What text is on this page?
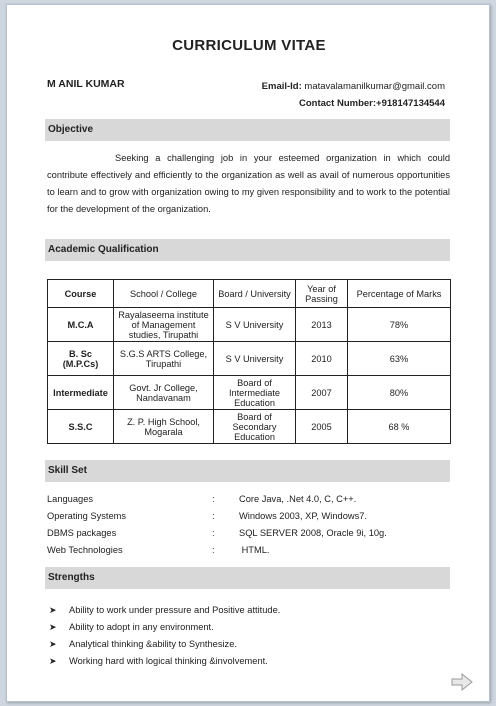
CURRICULUM VITAE
M ANIL KUMAR	Email-Id: matavalamanilkumar@gmail.com
Contact Number:+918147134544
Objective

Seeking a challenging job in your esteemed organization in which could contribute effectively and efficiently to the organization as well as avail of numerous opportunities to learn and to grow with organization owing to my given responsibility and to work to the potential for the development of the organization.

Academic Qualification
Course	School / College	Board / University	Year of Passing	Percentage of Marks
M.C.A	Rayalaseema institute of Management studies, Tirupathi	S V University	2013	78%
B. Sc (M.P.Cs)	S.G.S ARTS College, Tirupathi	S V University	2010	63%
Intermediate	Govt. Jr College, Nandavanam	Board of Intermediate Education	2007	80%
S.S.C	Z. P. High School, Mogarala	Board of Secondary Education	2005	68 %
Skill Set
Languages	:	Core Java, .Net 4.0, C, C++.
Operating Systems	:	Windows 2003, XP, Windows7.
DBMS packages	:	SQL SERVER 2008, Oracle 9i, 10g.
Web Technologies	:	HTML.
Strengths
➤ Ability to work under pressure and Positive attitude.
➤ Ability to adopt in any environment.
➤ Analytical thinking &ability to Synthesize.
➤ Working hard with logical thinking &involvement.
